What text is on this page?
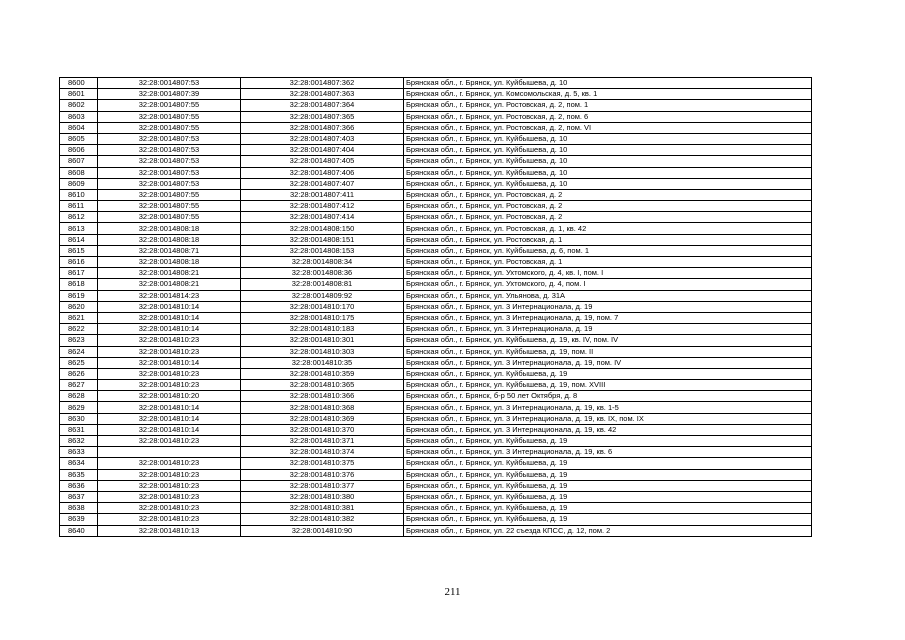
8600	32:28:0014807:53	32:28:0014807:362	Брянская обл., г. Брянск, ул. Куйбышева, д. 10
8601	32:28:0014807:39	32:28:0014807:363	Брянская обл., г. Брянск, ул. Комсомольская, д. 5, кв. 1
8602	32:28:0014807:55	32:28:0014807:364	Брянская обл., г. Брянск, ул. Ростовская, д. 2, пом. 1
8603	32:28:0014807:55	32:28:0014807:365	Брянская обл., г. Брянск, ул. Ростовская, д. 2, пом. 6
8604	32:28:0014807:55	32:28:0014807:366	Брянская обл., г. Брянск, ул. Ростовская, д. 2, пом. VI
8605	32:28:0014807:53	32:28:0014807:403	Брянская обл., г. Брянск, ул. Куйбышева, д. 10
8606	32:28:0014807:53	32:28:0014807:404	Брянская обл., г. Брянск, ул. Куйбышева, д. 10
8607	32:28:0014807:53	32:28:0014807:405	Брянская обл., г. Брянск, ул. Куйбышева, д. 10
8608	32:28:0014807:53	32:28:0014807:406	Брянская обл., г. Брянск, ул. Куйбышева, д. 10
8609	32:28:0014807:53	32:28:0014807:407	Брянская обл., г. Брянск, ул. Куйбышева, д. 10
8610	32:28:0014807:55	32:28:0014807:411	Брянская обл., г. Брянск, ул. Ростовская, д. 2
8611	32:28:0014807:55	32:28:0014807:412	Брянская обл., г. Брянск, ул. Ростовская, д. 2
8612	32:28:0014807:55	32:28:0014807:414	Брянская обл., г. Брянск, ул. Ростовская, д. 2
8613	32:28:0014808:18	32:28:0014808:150	Брянская обл., г. Брянск, ул. Ростовская, д. 1, кв. 42
8614	32:28:0014808:18	32:28:0014808:151	Брянская обл., г. Брянск, ул. Ростовская, д. 1
8615	32:28:0014808:71	32:28:0014808:153	Брянская обл., г. Брянск, ул. Куйбышева, д. 6, пом. 1
8616	32:28:0014808:18	32:28:0014808:34	Брянская обл., г. Брянск, ул. Ростовская, д. 1
8617	32:28:0014808:21	32:28:0014808:36	Брянская обл., г. Брянск, ул. Ухтомского, д. 4, кв. I, пом. I
8618	32:28:0014808:21	32:28:0014808:81	Брянская обл., г. Брянск, ул. Ухтомского, д. 4, пом. I
8619	32:28:0014814:23	32:28:0014809:92	Брянская обл., г. Брянск, ул. Ульянова, д. 31А
8620	32:28:0014810:14	32:28:0014810:170	Брянская обл., г. Брянск, ул. 3 Интернационала, д. 19
8621	32:28:0014810:14	32:28:0014810:175	Брянская обл., г. Брянск, ул. 3 Интернационала, д. 19, пом. 7
8622	32:28:0014810:14	32:28:0014810:183	Брянская обл., г. Брянск, ул. 3 Интернационала, д. 19
8623	32:28:0014810:23	32:28:0014810:301	Брянская обл., г. Брянск, ул. Куйбышева, д. 19, кв. IV, пом. IV
8624	32:28:0014810:23	32:28:0014810:303	Брянская обл., г. Брянск, ул. Куйбышева, д. 19, пом. II
8625	32:28:0014810:14	32:28:0014810:35	Брянская обл., г. Брянск, ул. 3 Интернационала, д. 19, пом. IV
8626	32:28:0014810:23	32:28:0014810:359	Брянская обл., г. Брянск, ул. Куйбышева, д. 19
8627	32:28:0014810:23	32:28:0014810:365	Брянская обл., г. Брянск, ул. Куйбышева, д. 19, пом. XVIII
8628	32:28:0014810:20	32:28:0014810:366	Брянская обл., г. Брянск, б-р 50 лет Октября, д. 8
8629	32:28:0014810:14	32:28:0014810:368	Брянская обл., г. Брянск, ул. 3 Интернационала, д. 19, кв. 1-5
8630	32:28:0014810:14	32:28:0014810:369	Брянская обл., г. Брянск, ул. 3 Интернационала, д. 19, кв. IX, пом. IX
8631	32:28:0014810:14	32:28:0014810:370	Брянская обл., г. Брянск, ул. 3 Интернационала, д. 19, кв. 42
8632	32:28:0014810:23	32:28:0014810:371	Брянская обл., г. Брянск, ул. Куйбышева, д. 19
8633		32:28:0014810:374	Брянская обл., г. Брянск, ул. 3 Интернационала, д. 19, кв. 6
8634	32:28:0014810:23	32:28:0014810:375	Брянская обл., г. Брянск, ул. Куйбышева, д. 19
8635	32:28:0014810:23	32:28:0014810:376	Брянская обл., г. Брянск, ул. Куйбышева, д. 19
8636	32:28:0014810:23	32:28:0014810:377	Брянская обл., г. Брянск, ул. Куйбышева, д. 19
8637	32:28:0014810:23	32:28:0014810:380	Брянская обл., г. Брянск, ул. Куйбышева, д. 19
8638	32:28:0014810:23	32:28:0014810:381	Брянская обл., г. Брянск, ул. Куйбышева, д. 19
8639	32:28:0014810:23	32:28:0014810:382	Брянская обл., г. Брянск, ул. Куйбышева, д. 19
8640	32:28:0014810:13	32:28:0014810:90	Брянская обл., г. Брянск, ул. 22 съезда КПСС, д. 12, пом. 2
211
